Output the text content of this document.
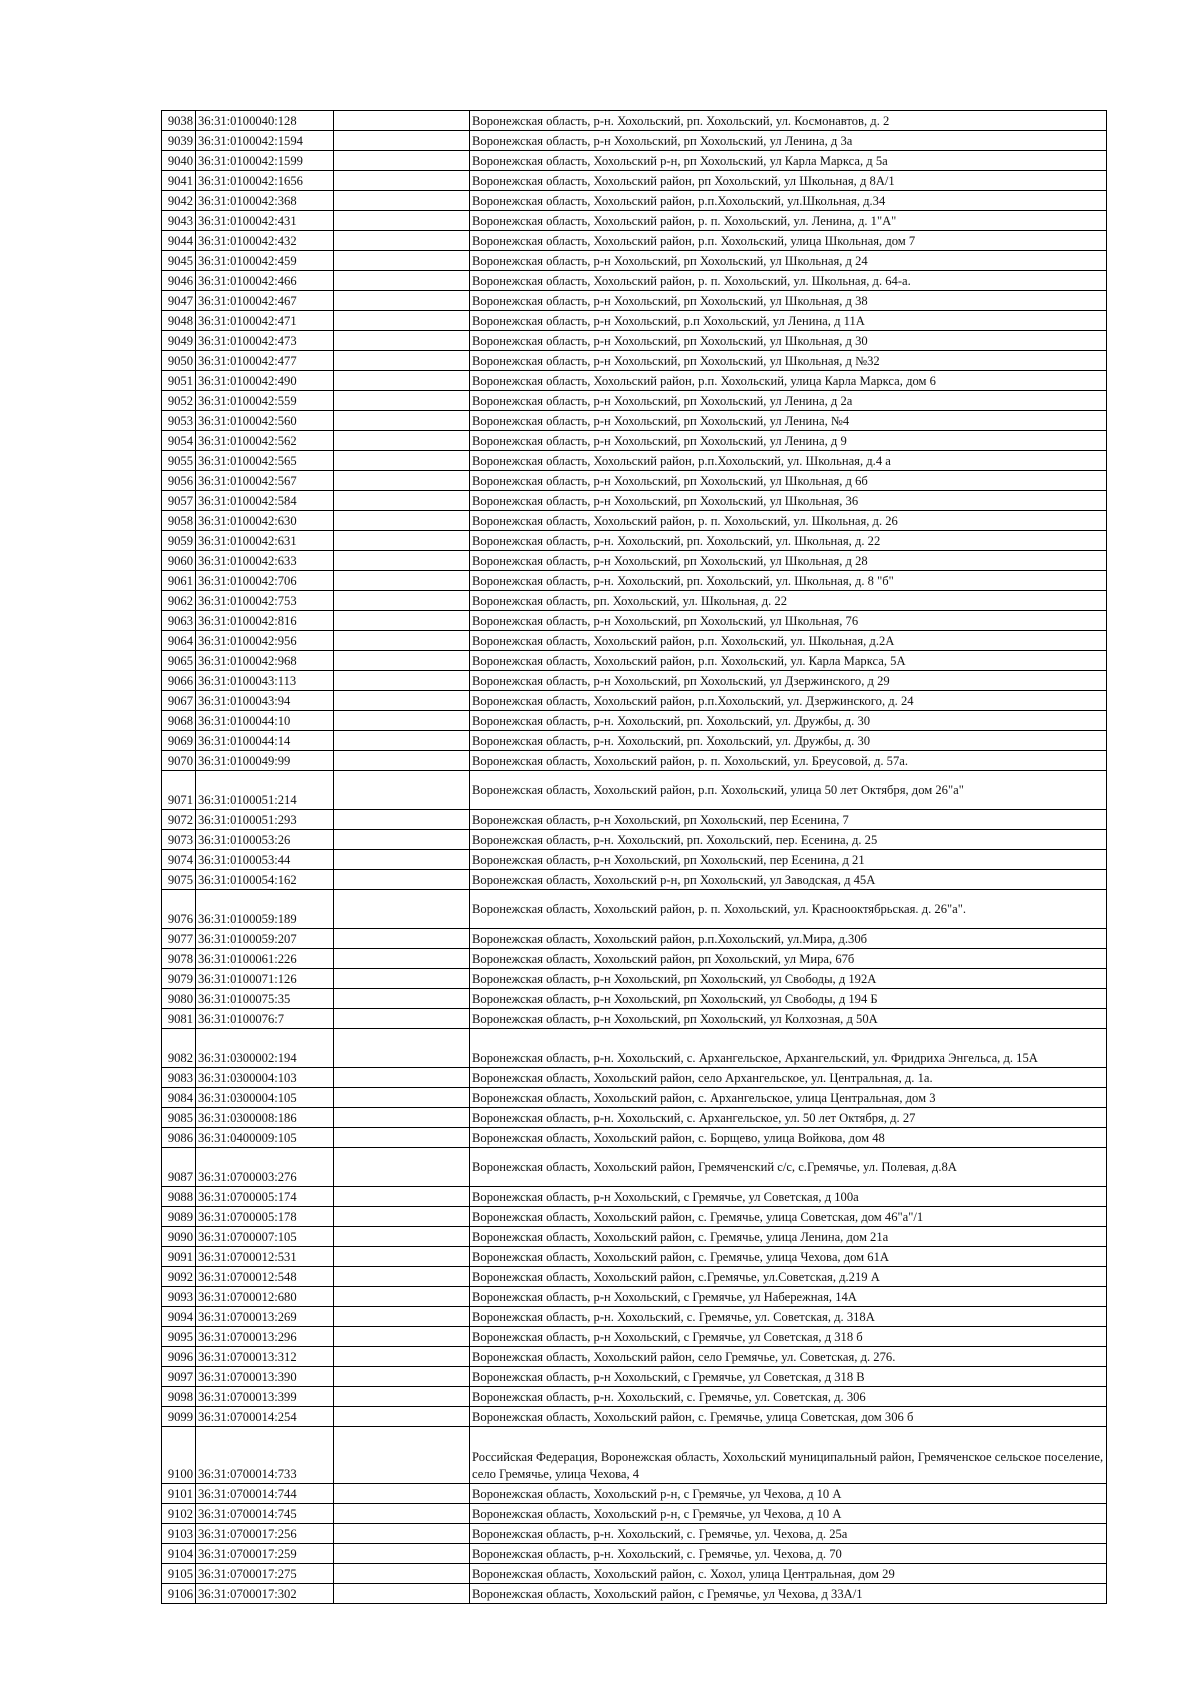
9038	36:31:0100040:128		Воронежская область, р-н. Хохольский, рп. Хохольский, ул. Космонавтов, д. 2
9039	36:31:0100042:1594		Воронежская область, р-н Хохольский, рп Хохольский, ул Ленина, д 3а
9040	36:31:0100042:1599		Воронежская область, Хохольский р-н, рп Хохольский, ул Карла Маркса, д 5а
9041	36:31:0100042:1656		Воронежская область, Хохольский район, рп Хохольский, ул Школьная, д 8А/1
9042	36:31:0100042:368		Воронежская область, Хохольский район, р.п.Хохольский, ул.Школьная, д.34
9043	36:31:0100042:431		Воронежская область, Хохольский район, р. п. Хохольский, ул. Ленина, д. 1"А"
9044	36:31:0100042:432		Воронежская область, Хохольский район, р.п. Хохольский, улица Школьная, дом 7
9045	36:31:0100042:459		Воронежская область, р-н Хохольский, рп Хохольский, ул Школьная, д 24
9046	36:31:0100042:466		Воронежская область, Хохольский район, р. п. Хохольский, ул. Школьная, д. 64-а.
9047	36:31:0100042:467		Воронежская область, р-н Хохольский, рп Хохольский, ул Школьная, д 38
9048	36:31:0100042:471		Воронежская область, р-н Хохольский, р.п Хохольский, ул Ленина, д 11А
9049	36:31:0100042:473		Воронежская область, р-н Хохольский, рп Хохольский, ул Школьная, д 30
9050	36:31:0100042:477		Воронежская область, р-н Хохольский, рп Хохольский, ул Школьная, д №32
9051	36:31:0100042:490		Воронежская область, Хохольский район, р.п. Хохольский, улица Карла Маркса, дом 6
9052	36:31:0100042:559		Воронежская область, р-н Хохольский, рп Хохольский, ул Ленина, д 2а
9053	36:31:0100042:560		Воронежская область, р-н Хохольский, рп Хохольский, ул Ленина, №4
9054	36:31:0100042:562		Воронежская область, р-н Хохольский, рп Хохольский, ул Ленина, д 9
9055	36:31:0100042:565		Воронежская область, Хохольский район, р.п.Хохольский, ул. Школьная, д.4 а
9056	36:31:0100042:567		Воронежская область, р-н Хохольский, рп Хохольский, ул Школьная, д 6б
9057	36:31:0100042:584		Воронежская область, р-н Хохольский, рп Хохольский, ул Школьная, 36
9058	36:31:0100042:630		Воронежская область, Хохольский район, р. п. Хохольский, ул. Школьная, д. 26
9059	36:31:0100042:631		Воронежская область, р-н. Хохольский, рп. Хохольский, ул. Школьная, д. 22
9060	36:31:0100042:633		Воронежская область, р-н Хохольский, рп Хохольский, ул Школьная, д 28
9061	36:31:0100042:706		Воронежская область, р-н. Хохольский, рп. Хохольский, ул. Школьная, д. 8 "б"
9062	36:31:0100042:753		Воронежская область, рп. Хохольский, ул. Школьная, д. 22
9063	36:31:0100042:816		Воронежская область, р-н Хохольский, рп Хохольский, ул Школьная, 76
9064	36:31:0100042:956		Воронежская область, Хохольский район, р.п. Хохольский, ул. Школьная, д.2А
9065	36:31:0100042:968		Воронежская область, Хохольский район, р.п. Хохольский, ул. Карла Маркса, 5А
9066	36:31:0100043:113		Воронежская область, р-н Хохольский, рп Хохольский, ул Дзержинского, д 29
9067	36:31:0100043:94		Воронежская область, Хохольский район, р.п.Хохольский, ул. Дзержинского, д. 24
9068	36:31:0100044:10		Воронежская область, р-н. Хохольский, рп. Хохольский, ул. Дружбы, д. 30
9069	36:31:0100044:14		Воронежская область, р-н. Хохольский, рп. Хохольский, ул. Дружбы, д. 30
9070	36:31:0100049:99		Воронежская область, Хохольский район, р. п. Хохольский, ул. Бреусовой, д. 57а.
9071	36:31:0100051:214		Воронежская область, Хохольский район, р.п. Хохольский, улица 50 лет Октября, дом 26"а"
9072	36:31:0100051:293		Воронежская область, р-н Хохольский, рп Хохольский, пер Есенина, 7
9073	36:31:0100053:26		Воронежская область, р-н. Хохольский, рп. Хохольский, пер. Есенина, д. 25
9074	36:31:0100053:44		Воронежская область, р-н Хохольский, рп Хохольский, пер Есенина, д 21
9075	36:31:0100054:162		Воронежская область, Хохольский р-н, рп Хохольский, ул Заводская, д 45А
9076	36:31:0100059:189		Воронежская область, Хохольский район, р. п. Хохольский, ул. Краснооктябрьская. д. 26"а".
9077	36:31:0100059:207		Воронежская область, Хохольский район, р.п.Хохольский, ул.Мира, д.30б
9078	36:31:0100061:226		Воронежская область, Хохольский район, рп Хохольский, ул Мира, 67б
9079	36:31:0100071:126		Воронежская область, р-н Хохольский, рп Хохольский, ул Свободы, д 192А
9080	36:31:0100075:35		Воронежская область, р-н Хохольский, рп Хохольский, ул Свободы, д 194 Б
9081	36:31:0100076:7		Воронежская область, р-н Хохольский, рп Хохольский, ул Колхозная, д 50А
9082	36:31:0300002:194		Воронежская область, р-н. Хохольский, с. Архангельское, Архангельский, ул. Фридриха Энгельса, д. 15А
9083	36:31:0300004:103		Воронежская область, Хохольский район, село Архангельское, ул. Центральная, д. 1а.
9084	36:31:0300004:105		Воронежская область, Хохольский район, с. Архангельское, улица Центральная, дом 3
9085	36:31:0300008:186		Воронежская область, р-н. Хохольский, с. Архангельское, ул. 50 лет Октября, д. 27
9086	36:31:0400009:105		Воронежская область, Хохольский район, с. Борщево, улица Войкова, дом 48
9087	36:31:0700003:276		Воронежская область, Хохольский район, Гремяченский с/с, с.Гремячье, ул. Полевая, д.8А
9088	36:31:0700005:174		Воронежская область, р-н Хохольский, с Гремячье, ул Советская, д 100а
9089	36:31:0700005:178		Воронежская область, Хохольский район, с. Гремячье, улица Советская, дом 46"а"/1
9090	36:31:0700007:105		Воронежская область, Хохольский район, с. Гремячье, улица Ленина, дом 21а
9091	36:31:0700012:531		Воронежская область, Хохольский район, с. Гремячье, улица Чехова, дом 61А
9092	36:31:0700012:548		Воронежская область, Хохольский район, с.Гремячье, ул.Советская, д.219 А
9093	36:31:0700012:680		Воронежская область, р-н Хохольский, с Гремячье, ул Набережная, 14А
9094	36:31:0700013:269		Воронежская область, р-н. Хохольский, с. Гремячье, ул. Советская, д. 318А
9095	36:31:0700013:296		Воронежская область, р-н Хохольский, с Гремячье, ул Советская, д 318 б
9096	36:31:0700013:312		Воронежская область, Хохольский район, село Гремячье, ул. Советская, д. 276.
9097	36:31:0700013:390		Воронежская область, р-н Хохольский, с Гремячье, ул Советская, д 318 В
9098	36:31:0700013:399		Воронежская область, р-н. Хохольский, с. Гремячье, ул. Советская, д. 306
9099	36:31:0700014:254		Воронежская область, Хохольский район, с. Гремячье, улица Советская, дом 306 б
9100	36:31:0700014:733		Российская Федерация, Воронежская область, Хохольский муниципальный район, Гремяченское сельское поселение, село Гремячье, улица Чехова, 4
9101	36:31:0700014:744		Воронежская область, Хохольский р-н, с Гремячье, ул Чехова, д 10 А
9102	36:31:0700014:745		Воронежская область, Хохольский р-н, с Гремячье, ул Чехова, д 10 А
9103	36:31:0700017:256		Воронежская область, р-н. Хохольский, с. Гремячье, ул. Чехова, д. 25а
9104	36:31:0700017:259		Воронежская область, р-н. Хохольский, с. Гремячье, ул. Чехова, д. 70
9105	36:31:0700017:275		Воронежская область, Хохольский район, с. Хохол, улица Центральная, дом 29
9106	36:31:0700017:302		Воронежская область, Хохольский район, с Гремячье, ул Чехова, д 33А/1
